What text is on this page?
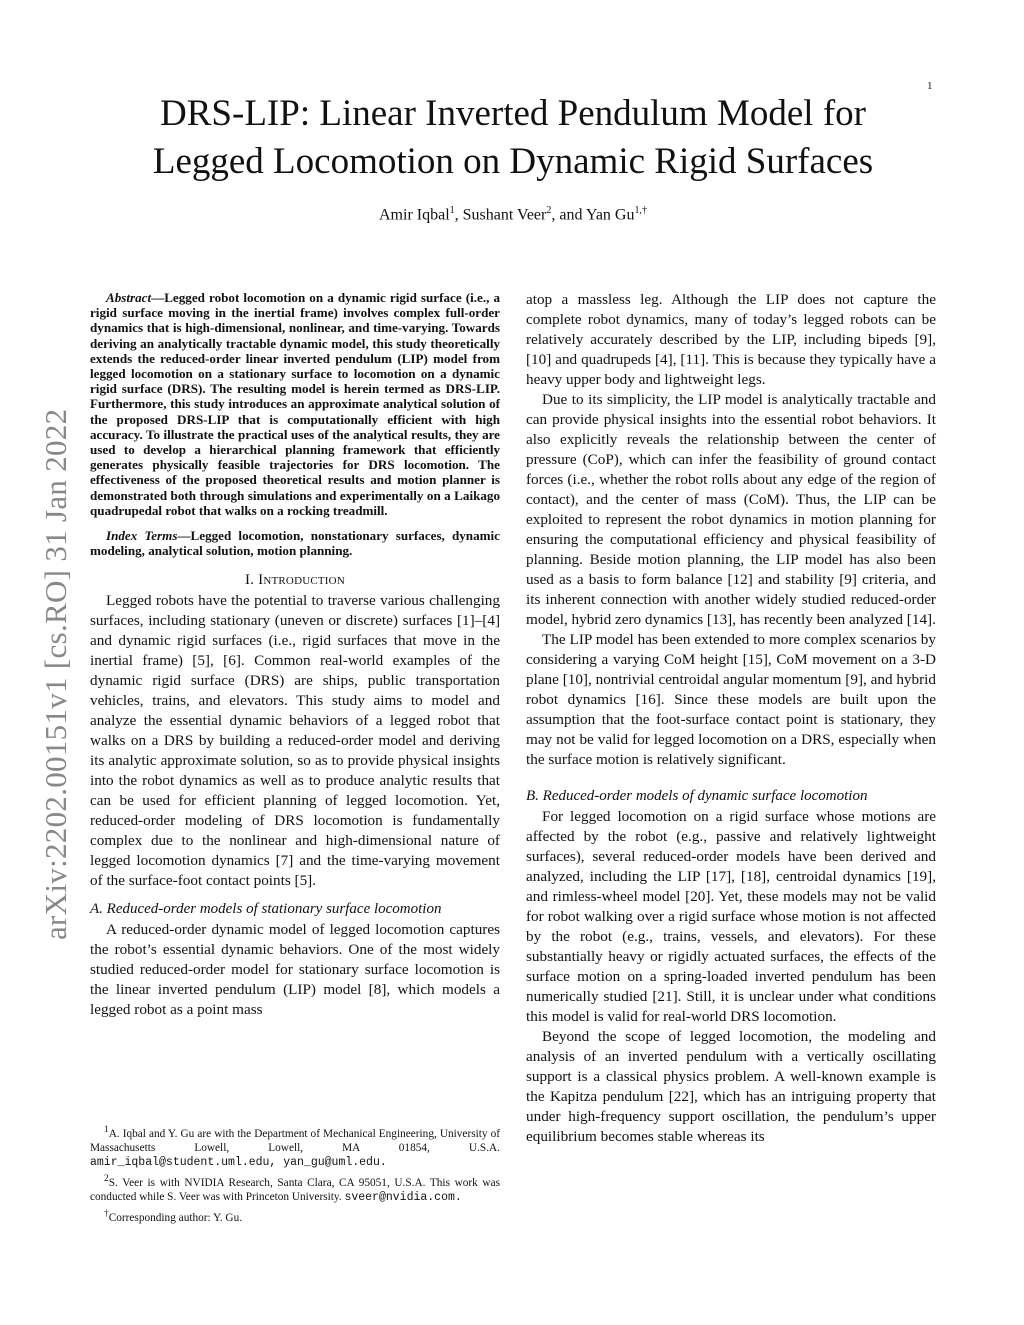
1
arXiv:2202.00151v1 [cs.RO] 31 Jan 2022
DRS-LIP: Linear Inverted Pendulum Model for
Legged Locomotion on Dynamic Rigid Surfaces
Amir Iqbal$^1$, Sushant Veer$^2$, and Yan $Gu^{1,\dagger}$

Abstract—Legged robot locomotion on a dynamic rigid surface (i.e., a rigid surface moving in the inertial frame) involves complex full-order dynamics that is high-dimensional, nonlinear, and time-varying. Towards deriving an analytically tractable dynamic model, this study theoretically extends the reduced-order linear inverted pendulum (LIP) model from legged locomotion on a stationary surface to locomotion on a dynamic rigid surface (DRS). The resulting model is herein termed as DRS-LIP. Furthermore, this study introduces an approximate analytical solution of the proposed DRS-LIP that is computationally efficient with high accuracy. To illustrate the practical uses of the analytical results, they are used to develop a hierarchical planning framework that efficiently generates physically feasible trajectories for DRS locomotion. The effectiveness of the proposed theoretical results and motion planner is demonstrated both through simulations and experimentally on a Laikago quadrupedal robot that walks on a rocking treadmill.

Index Terms—Legged locomotion, nonstationary surfaces, dynamic modeling, analytical solution, motion planning.

I. Introduction

Legged robots have the potential to traverse various challenging surfaces, including stationary (uneven or discrete) surfaces [1]–[4] and dynamic rigid surfaces (i.e., rigid surfaces that move in the inertial frame) [5], [6]. Common real-world examples of the dynamic rigid surface (DRS) are ships, public transportation vehicles, trains, and elevators. This study aims to model and analyze the essential dynamic behaviors of a legged robot that walks on a DRS by building a reduced-order model and deriving its analytic approximate solution, so as to provide physical insights into the robot dynamics as well as to produce analytic results that can be used for efficient planning of legged locomotion. Yet, reduced-order modeling of DRS locomotion is fundamentally complex due to the nonlinear and high-dimensional nature of legged locomotion dynamics [7] and the time-varying movement of the surface-foot contact points [5].

A. Reduced-order models of stationary surface locomotion

A reduced-order dynamic model of legged locomotion captures the robot’s essential dynamic behaviors. One of the most widely studied reduced-order model for stationary surface locomotion is the linear inverted pendulum (LIP) model [8], which models a legged robot as a point mass

atop a massless leg. Although the LIP does not capture the complete robot dynamics, many of today’s legged robots can be relatively accurately described by the LIP, including bipeds [9], [10] and quadrupeds [4], [11]. This is because they typically have a heavy upper body and lightweight legs.

Due to its simplicity, the LIP model is analytically tractable and can provide physical insights into the essential robot behaviors. It also explicitly reveals the relationship between the center of pressure (CoP), which can infer the feasibility of ground contact forces (i.e., whether the robot rolls about any edge of the region of contact), and the center of mass (CoM). Thus, the LIP can be exploited to represent the robot dynamics in motion planning for ensuring the computational efficiency and physical feasibility of planning. Beside motion planning, the LIP model has also been used as a basis to form balance [12] and stability [9] criteria, and its inherent connection with another widely studied reduced-order model, hybrid zero dynamics [13], has recently been analyzed [14].

The LIP model has been extended to more complex scenarios by considering a varying CoM height [15], CoM movement on a 3-D plane [10], nontrivial centroidal angular momentum [9], and hybrid robot dynamics [16]. Since these models are built upon the assumption that the foot-surface contact point is stationary, they may not be valid for legged locomotion on a DRS, especially when the surface motion is relatively significant.

B. Reduced-order models of dynamic surface locomotion

For legged locomotion on a rigid surface whose motions are affected by the robot (e.g., passive and relatively lightweight surfaces), several reduced-order models have been derived and analyzed, including the LIP [17], [18], centroidal dynamics [19], and rimless-wheel model [20]. Yet, these models may not be valid for robot walking over a rigid surface whose motion is not affected by the robot (e.g., trains, vessels, and elevators). For these substantially heavy or rigidly actuated surfaces, the effects of the surface motion on a spring-loaded inverted pendulum has been numerically studied [21]. Still, it is unclear under what conditions this model is valid for real-world DRS locomotion.

Beyond the scope of legged locomotion, the modeling and analysis of an inverted pendulum with a vertically oscillating support is a classical physics problem. A well-known example is the Kapitza pendulum [22], which has an intriguing property that under high-frequency support oscillation, the pendulum’s upper equilibrium becomes stable whereas its

$^1$A. Iqbal and Y. Gu are with the Department of Mechanical Engineering, University of Massachusetts Lowell, Lowell, MA 01854, U.S.A. amir_iqbal@student.uml.edu, yan_gu@uml.edu.

$^2$S. Veer is with NVIDIA Research, Santa Clara, CA 95051, U.S.A. This work was conducted while S. Veer was with Princeton University. sveer@nvidia.com.

†Corresponding author: Y. Gu.
